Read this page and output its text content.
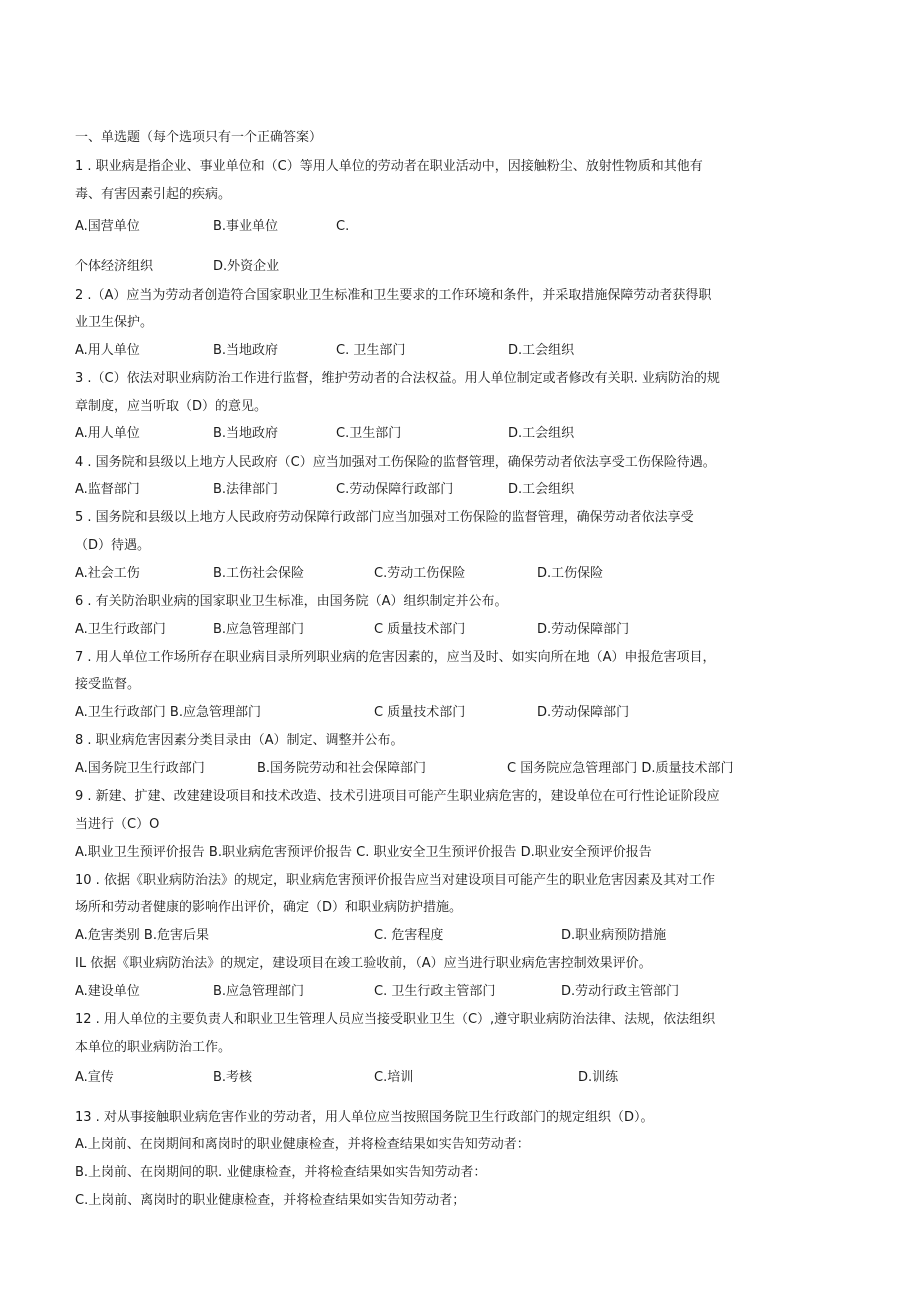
一、单选题（每个选项只有一个正确答案）
1 . 职业病是指企业、事业单位和（C）等用人单位的劳动者在职业活动中，因接触粉尘、放射性物质和其他有
毒、有害因素引起的疾病。
A.国营单位	B.事业单位	C.
个体经济组织	D.外资企业
2 .（A）应当为劳动者创造符合国家职业卫生标准和卫生要求的工作环境和条件，并采取措施保障劳动者获得职
业卫生保护。
A.用人单位	B.当地政府	C. 卫生部门	D.工会组织
3 .（C）依法对职业病防治工作进行监督，维护劳动者的合法权益。用人单位制定或者修改有关职. 业病防治的规
章制度，应当听取（D）的意见。
A.用人单位	B.当地政府	C.卫生部门	D.工会组织
4 . 国务院和县级以上地方人民政府（C）应当加强对工伤保险的监督管理，确保劳动者依法享受工伤保险待遇。
A.监督部门	B.法律部门	C.劳动保障行政部门	D.工会组织
5 . 国务院和县级以上地方人民政府劳动保障行政部门应当加强对工伤保险的监督管理，确保劳动者依法享受
（D）待遇。
A.社会工伤	B.工伤社会保险	C.劳动工伤保险	D.工伤保险
6 . 有关防治职业病的国家职业卫生标准，由国务院（A）组织制定并公布。
A.卫生行政部门	B.应急管理部门	C 质量技术部门	D.劳动保障部门
7 . 用人单位工作场所存在职业病目录所列职业病的危害因素的，应当及时、如实向所在地（A）申报危害项目，
接受监督。
A.卫生行政部门 B.应急管理部门	C 质量技术部门	D.劳动保障部门
8 . 职业病危害因素分类目录由（A）制定、调整并公布。
A.国务院卫生行政部门	B.国务院劳动和社会保障部门	C 国务院应急管理部门 D.质量技术部门
9 . 新建、扩建、改建建设项目和技术改造、技术引进项目可能产生职业病危害的，建设单位在可行性论证阶段应
当进行（C）O
A.职业卫生预评价报告 B.职业病危害预评价报告 C. 职业安全卫生预评价报告 D.职业安全预评价报告
10 . 依据《职业病防治法》的规定，职业病危害预评价报告应当对建设项目可能产生的职业危害因素及其对工作
场所和劳动者健康的影响作出评价，确定（D）和职业病防护措施。
A.危害类别 B.危害后果	C. 危害程度	D.职业病预防措施
IL 依据《职业病防治法》的规定，建设项目在竣工验收前，（A）应当进行职业病危害控制效果评价。
A.建设单位	B.应急管理部门	C. 卫生行政主管部门	D.劳动行政主管部门
12 . 用人单位的主要负责人和职业卫生管理人员应当接受职业卫生（C）,遵守职业病防治法律、法规，依法组织
本单位的职业病防治工作。
A.宣传	B.考核	C.培训	D.训练
13 . 对从事接触职业病危害作业的劳动者，用人单位应当按照国务院卫生行政部门的规定组织（D）。
A.上岗前、在岗期间和离岗时的职业健康检查，并将检查结果如实告知劳动者：
B.上岗前、在岗期间的职. 业健康检查，并将检查结果如实告知劳动者：
C.上岗前、离岗时的职业健康检查，并将检查结果如实告知劳动者；
